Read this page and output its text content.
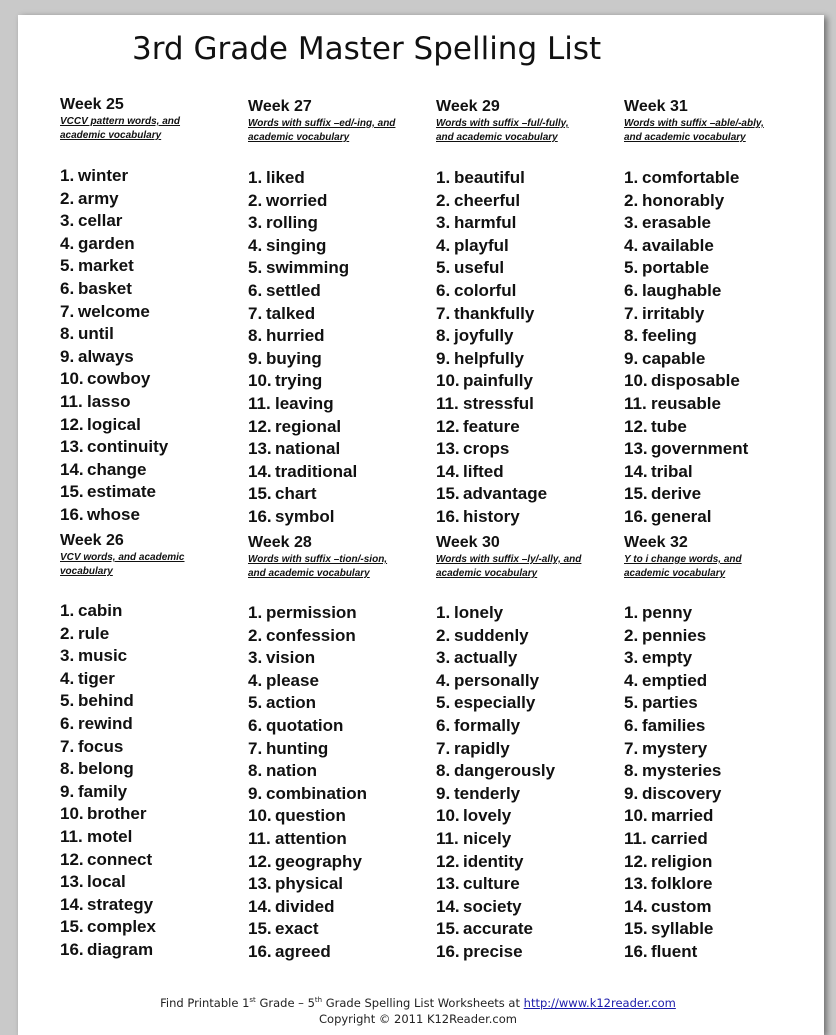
3rd Grade Master Spelling List
Week 25
VCCV pattern words, and academic vocabulary
1. winter
2. army
3. cellar
4. garden
5. market
6. basket
7. welcome
8. until
9. always
10. cowboy
11. lasso
12. logical
13. continuity
14. change
15. estimate
16. whose
Week 26
VCV words, and academic vocabulary
1. cabin
2. rule
3. music
4. tiger
5. behind
6. rewind
7. focus
8. belong
9. family
10. brother
11. motel
12. connect
13. local
14. strategy
15. complex
16. diagram
Week 27
Words with suffix –ed/-ing, and academic vocabulary
1. liked
2. worried
3. rolling
4. singing
5. swimming
6. settled
7. talked
8. hurried
9. buying
10. trying
11. leaving
12. regional
13. national
14. traditional
15. chart
16. symbol
Week 28
Words with suffix –tion/-sion, and academic vocabulary
1. permission
2. confession
3. vision
4. please
5. action
6. quotation
7. hunting
8. nation
9. combination
10. question
11. attention
12. geography
13. physical
14. divided
15. exact
16. agreed
Week 29
Words with suffix –ful/-fully, and academic vocabulary
1. beautiful
2. cheerful
3. harmful
4. playful
5. useful
6. colorful
7. thankfully
8. joyfully
9. helpfully
10. painfully
11. stressful
12. feature
13. crops
14. lifted
15. advantage
16. history
Week 30
Words with suffix –ly/-ally, and academic vocabulary
1. lonely
2. suddenly
3. actually
4. personally
5. especially
6. formally
7. rapidly
8. dangerously
9. tenderly
10. lovely
11. nicely
12. identity
13. culture
14. society
15. accurate
16. precise
Week 31
Words with suffix –able/-ably, and academic vocabulary
1. comfortable
2. honorably
3. erasable
4. available
5. portable
6. laughable
7. irritably
8. feeling
9. capable
10. disposable
11. reusable
12. tube
13. government
14. tribal
15. derive
16. general
Week 32
Y to i change words, and academic vocabulary
1. penny
2. pennies
3. empty
4. emptied
5. parties
6. families
7. mystery
8. mysteries
9. discovery
10. married
11. carried
12. religion
13. folklore
14. custom
15. syllable
16. fluent
Find Printable 1st Grade – 5th Grade Spelling List Worksheets at http://www.k12reader.com
Copyright © 2011 K12Reader.com
